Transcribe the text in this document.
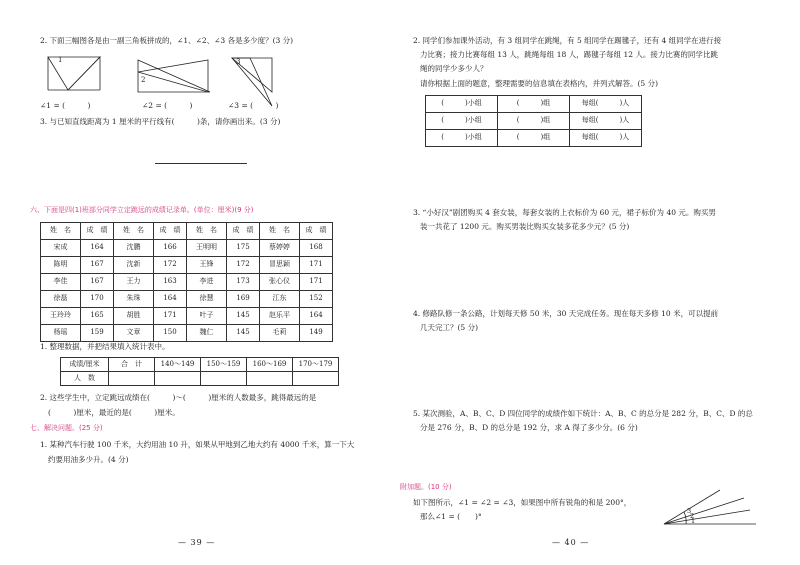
2. 下面三幅图各是由一副三角板拼成的，∠1、∠2、∠3 各是多少度？(3 分)
1
2
3
∠1 = (　　　)	∠2 = (　　　)	∠3 = (　　　)
3. 与已知直线距离为 1 厘米的平行线有(　　　)条，请你画出来。(3 分)
六、下面是四(1)班部分同学立定跳远的成绩记录单。(单位：厘米)(9 分)
姓　名	成　绩	姓　名	成　绩	姓　名	成　绩	姓　名	成　绩
宋成	164	沈鹏	166	王明明	175	蔡婷婷	168
陈明	167	沈新	172	王锋	172	冒思颖	171
李佳	167	王力	163	李进	173	张心仪	171
徐磊	170	朱珠	164	徐慧	169	江东	152
王玲玲	165	胡胜	171	叶子	145	赵乐平	164
杨瑶	159	文章	150	魏仁	145	毛莉	149
1. 整理数据，并把结果填入统计表中。
成绩/厘米	合　计	140～149	150～159	160～169	170～179
人　数					
2. 这些学生中，立定跳远成绩在(　　　)～(　　　)厘米的人数最多，跳得最远的是
(　　　)厘米，最近的是(　　　)厘米。
七、解决问题。(25 分)
1. 某种汽车行驶 100 千米，大约用油 10 升，如果从甲地到乙地大约有 4000 千米，算一下大
约要用油多少升。(4 分)
— 39 —
2. 同学们参加课外活动，有 3 组同学在跳绳，有 5 组同学在踢毽子，还有 4 组同学在进行接
力比赛；接力比赛每组 13 人，跳绳每组 18 人，踢毽子每组 12 人。接力比赛的同学比跳
绳的同学少多少人？
请你根据上面的题意，整理需要的信息填在表格内，并列式解答。(5 分)
(　　　)小组	(　　　)组	每组(　　　)人
(　　　)小组	(　　　)组	每组(　　　)人
(　　　)小组	(　　　)组	每组(　　　)人
3. “小好汉”剧团购买 4 套女装，每套女装的上衣标价为 60 元，裙子标价为 40 元。购买男
装一共花了 1200 元。购买男装比购买女装多花多少元？(5 分)
4. 修路队修一条公路，计划每天修 50 米，30 天完成任务。现在每天多修 10 米，可以提前
几天完工？(5 分)
5. 某次测验，A、B、C、D 四位同学的成绩作如下统计：A、B、C 的总分是 282 分，B、C、D 的总
分是 276 分，B、D 的总分是 192 分，求 A 得了多少分。(6 分)
附加题。(10 分)
如下图所示，∠1 = ∠2 = ∠3，如果图中所有锐角的和是 200°，
那么∠1 = (　　)°
3
2
1
— 40 —
